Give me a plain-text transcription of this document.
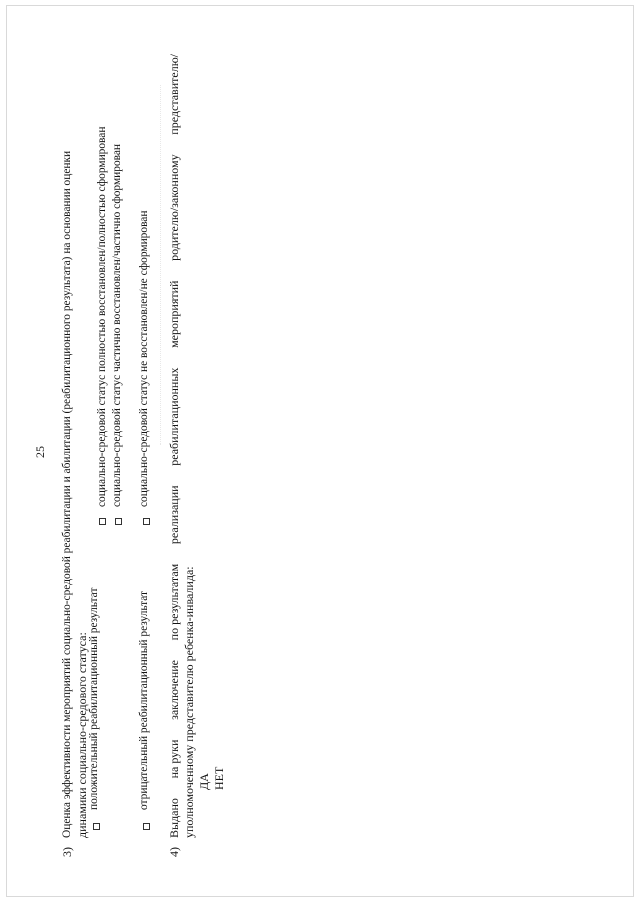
25
3)
Оценка эффективности мероприятий социально-средовой реабилитации и абилитации (реабилитационного результата) на основании оценки динамики социально-средового статуса: положительный реабилитационный результат
социально-средовой статус полностью восстановлен/полностью сформирован социально-средовой статус частично восстановлен/частично сформирован
отрицательный реабилитационный результат
социально-средовой статус не восстановлен/не сформирован
4)
Выдано
на руки
заключение
по результатам
реализации
реабилитационных
мероприятий
родителю/законному
представителю/
уполномоченному представителю ребенка-инвалида: ДА НЕТ
